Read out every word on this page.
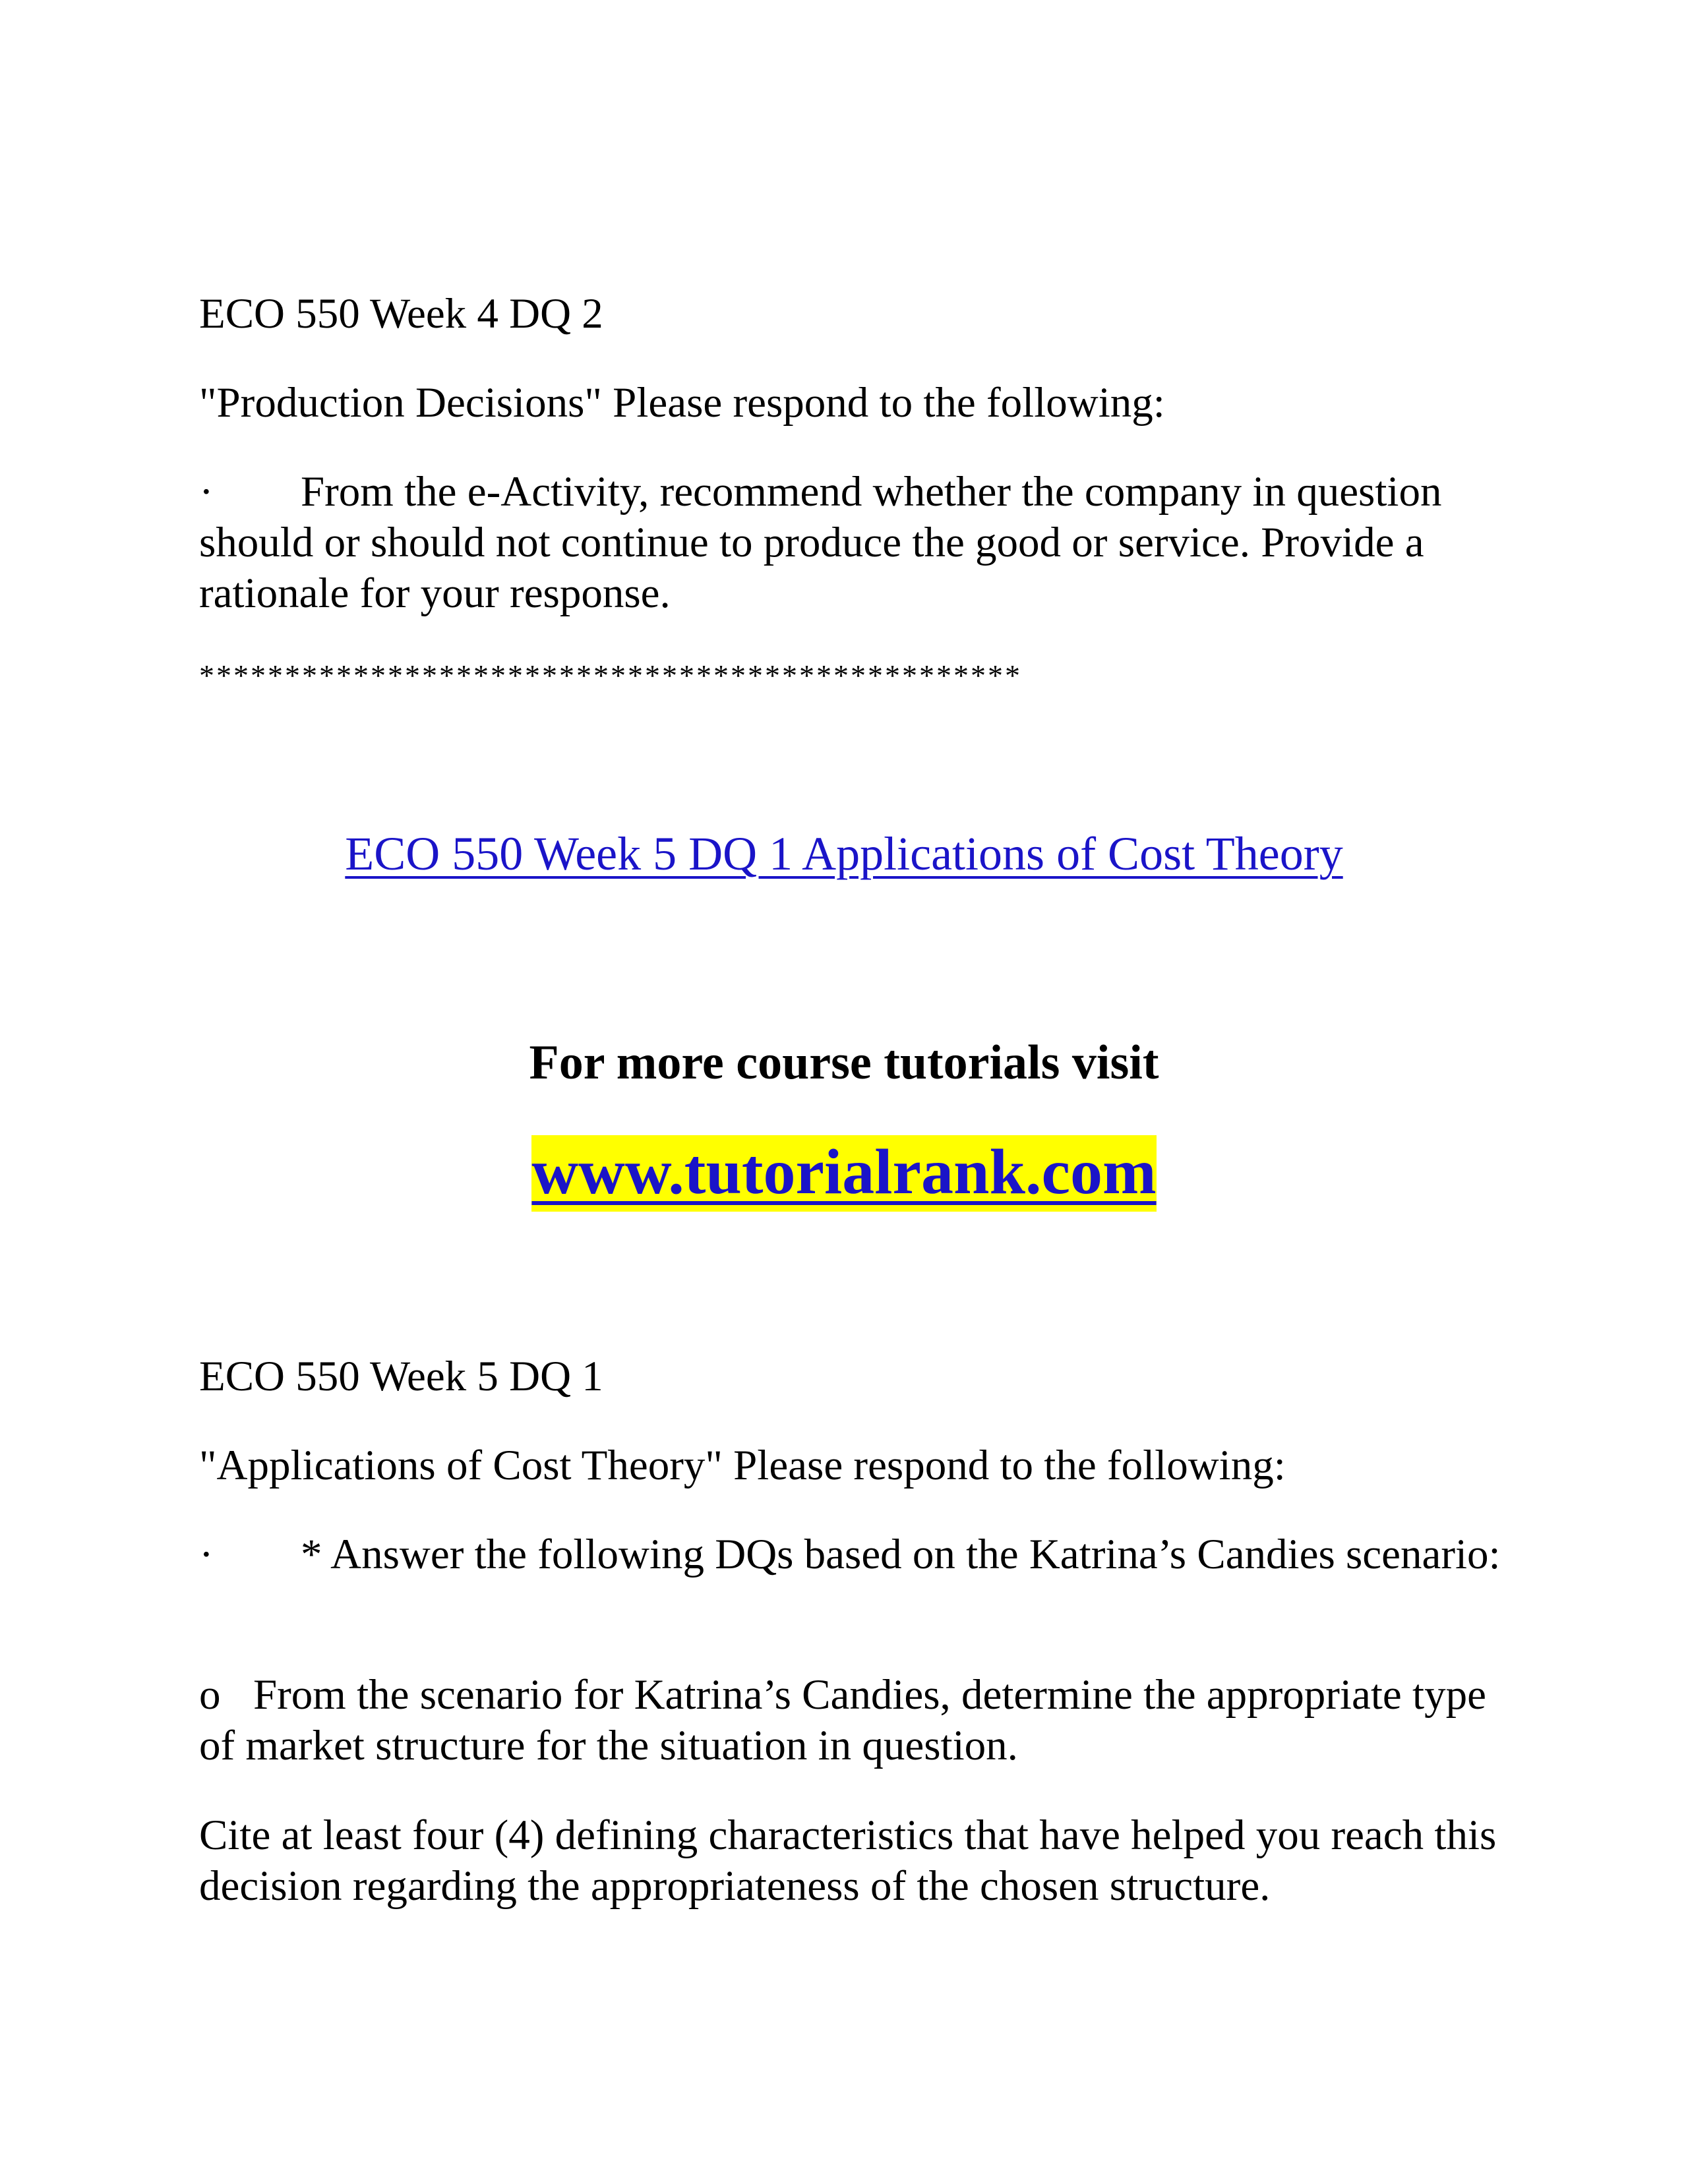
ECO 550 Week 4 DQ 2

"Production Decisions" Please respond to the following:

· From the e-Activity, recommend whether the company in question should or should not continue to produce the good or service. Provide a rationale for your response.

************************************************

ECO 550 Week 5 DQ 1 Applications of Cost Theory

For more course tutorials visit

www.tutorialrank.com

ECO 550 Week 5 DQ 1

"Applications of Cost Theory" Please respond to the following:

· * Answer the following DQs based on the Katrina’s Candies scenario:

o From the scenario for Katrina’s Candies, determine the appropriate type of market structure for the situation in question.

Cite at least four (4) defining characteristics that have helped you reach this decision regarding the appropriateness of the chosen structure.
